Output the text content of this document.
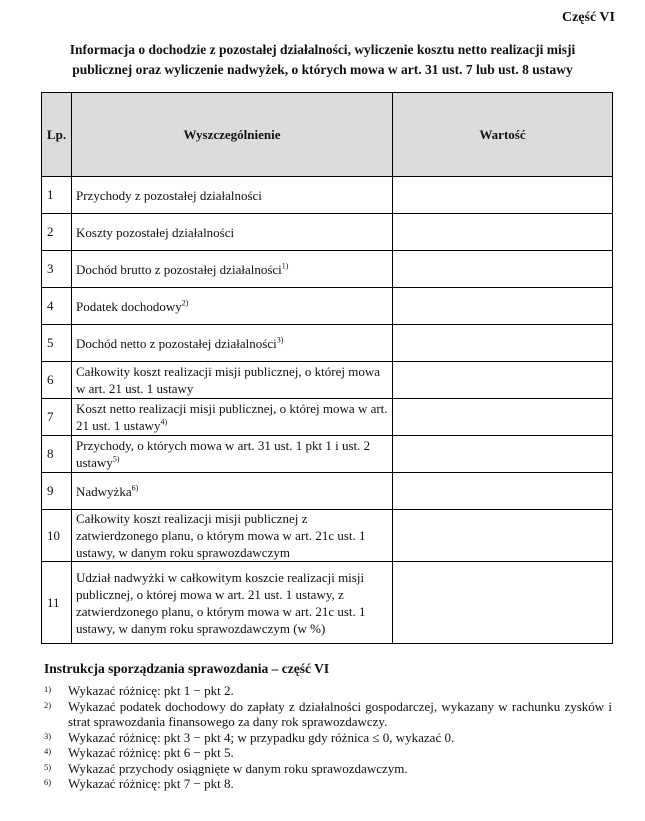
Część VI
Informacja o dochodzie z pozostałej działalności, wyliczenie kosztu netto realizacji misji publicznej oraz wyliczenie nadwyżek, o których mowa w art. 31 ust. 7 lub ust. 8 ustawy
Lp.	Wyszczególnienie	Wartość
1	Przychody z pozostałej działalności	
2	Koszty pozostałej działalności	
3	Dochód brutto z pozostałej działalności$^{1)}$	
4	Podatek dochodowy$^{2)}$	
5	Dochód netto z pozostałej działalności$^{3)}$	
6	Całkowity koszt realizacji misji publicznej, o której mowa w art. 21 ust. 1 ustawy	
7	Koszt netto realizacji misji publicznej, o której mowa w art. 21 ust. 1 ustawy$^{4)}$	
8	Przychody, o których mowa w art. 31 ust. 1 pkt 1 i ust. 2 ustawy$^{5)}$	
9	Nadwyżka$^{6)}$	
10	Całkowity koszt realizacji misji publicznej z zatwierdzonego planu, o którym mowa w art. 21c ust. 1 ustawy, w danym roku sprawozdawczym	
11	Udział nadwyżki w całkowitym koszcie realizacji misji publicznej, o której mowa w art. 21 ust. 1 ustawy, z zatwierdzonego planu, o którym mowa w art. 21c ust. 1 ustawy, w danym roku sprawozdawczym (w %)	
Instrukcja sporządzania sprawozdania – część VI
1)	Wykazać różnicę: pkt 1 − pkt 2.
2)	Wykazać podatek dochodowy do zapłaty z działalności gospodarczej, wykazany w rachunku zysków i strat sprawozdania finansowego za dany rok sprawozdawczy.
3)	Wykazać różnicę: pkt 3 − pkt 4; w przypadku gdy różnica ≤ 0, wykazać 0.
4)	Wykazać różnicę: pkt 6 − pkt 5.
5)	Wykazać przychody osiągnięte w danym roku sprawozdawczym.
6)	Wykazać różnicę: pkt 7 − pkt 8.
